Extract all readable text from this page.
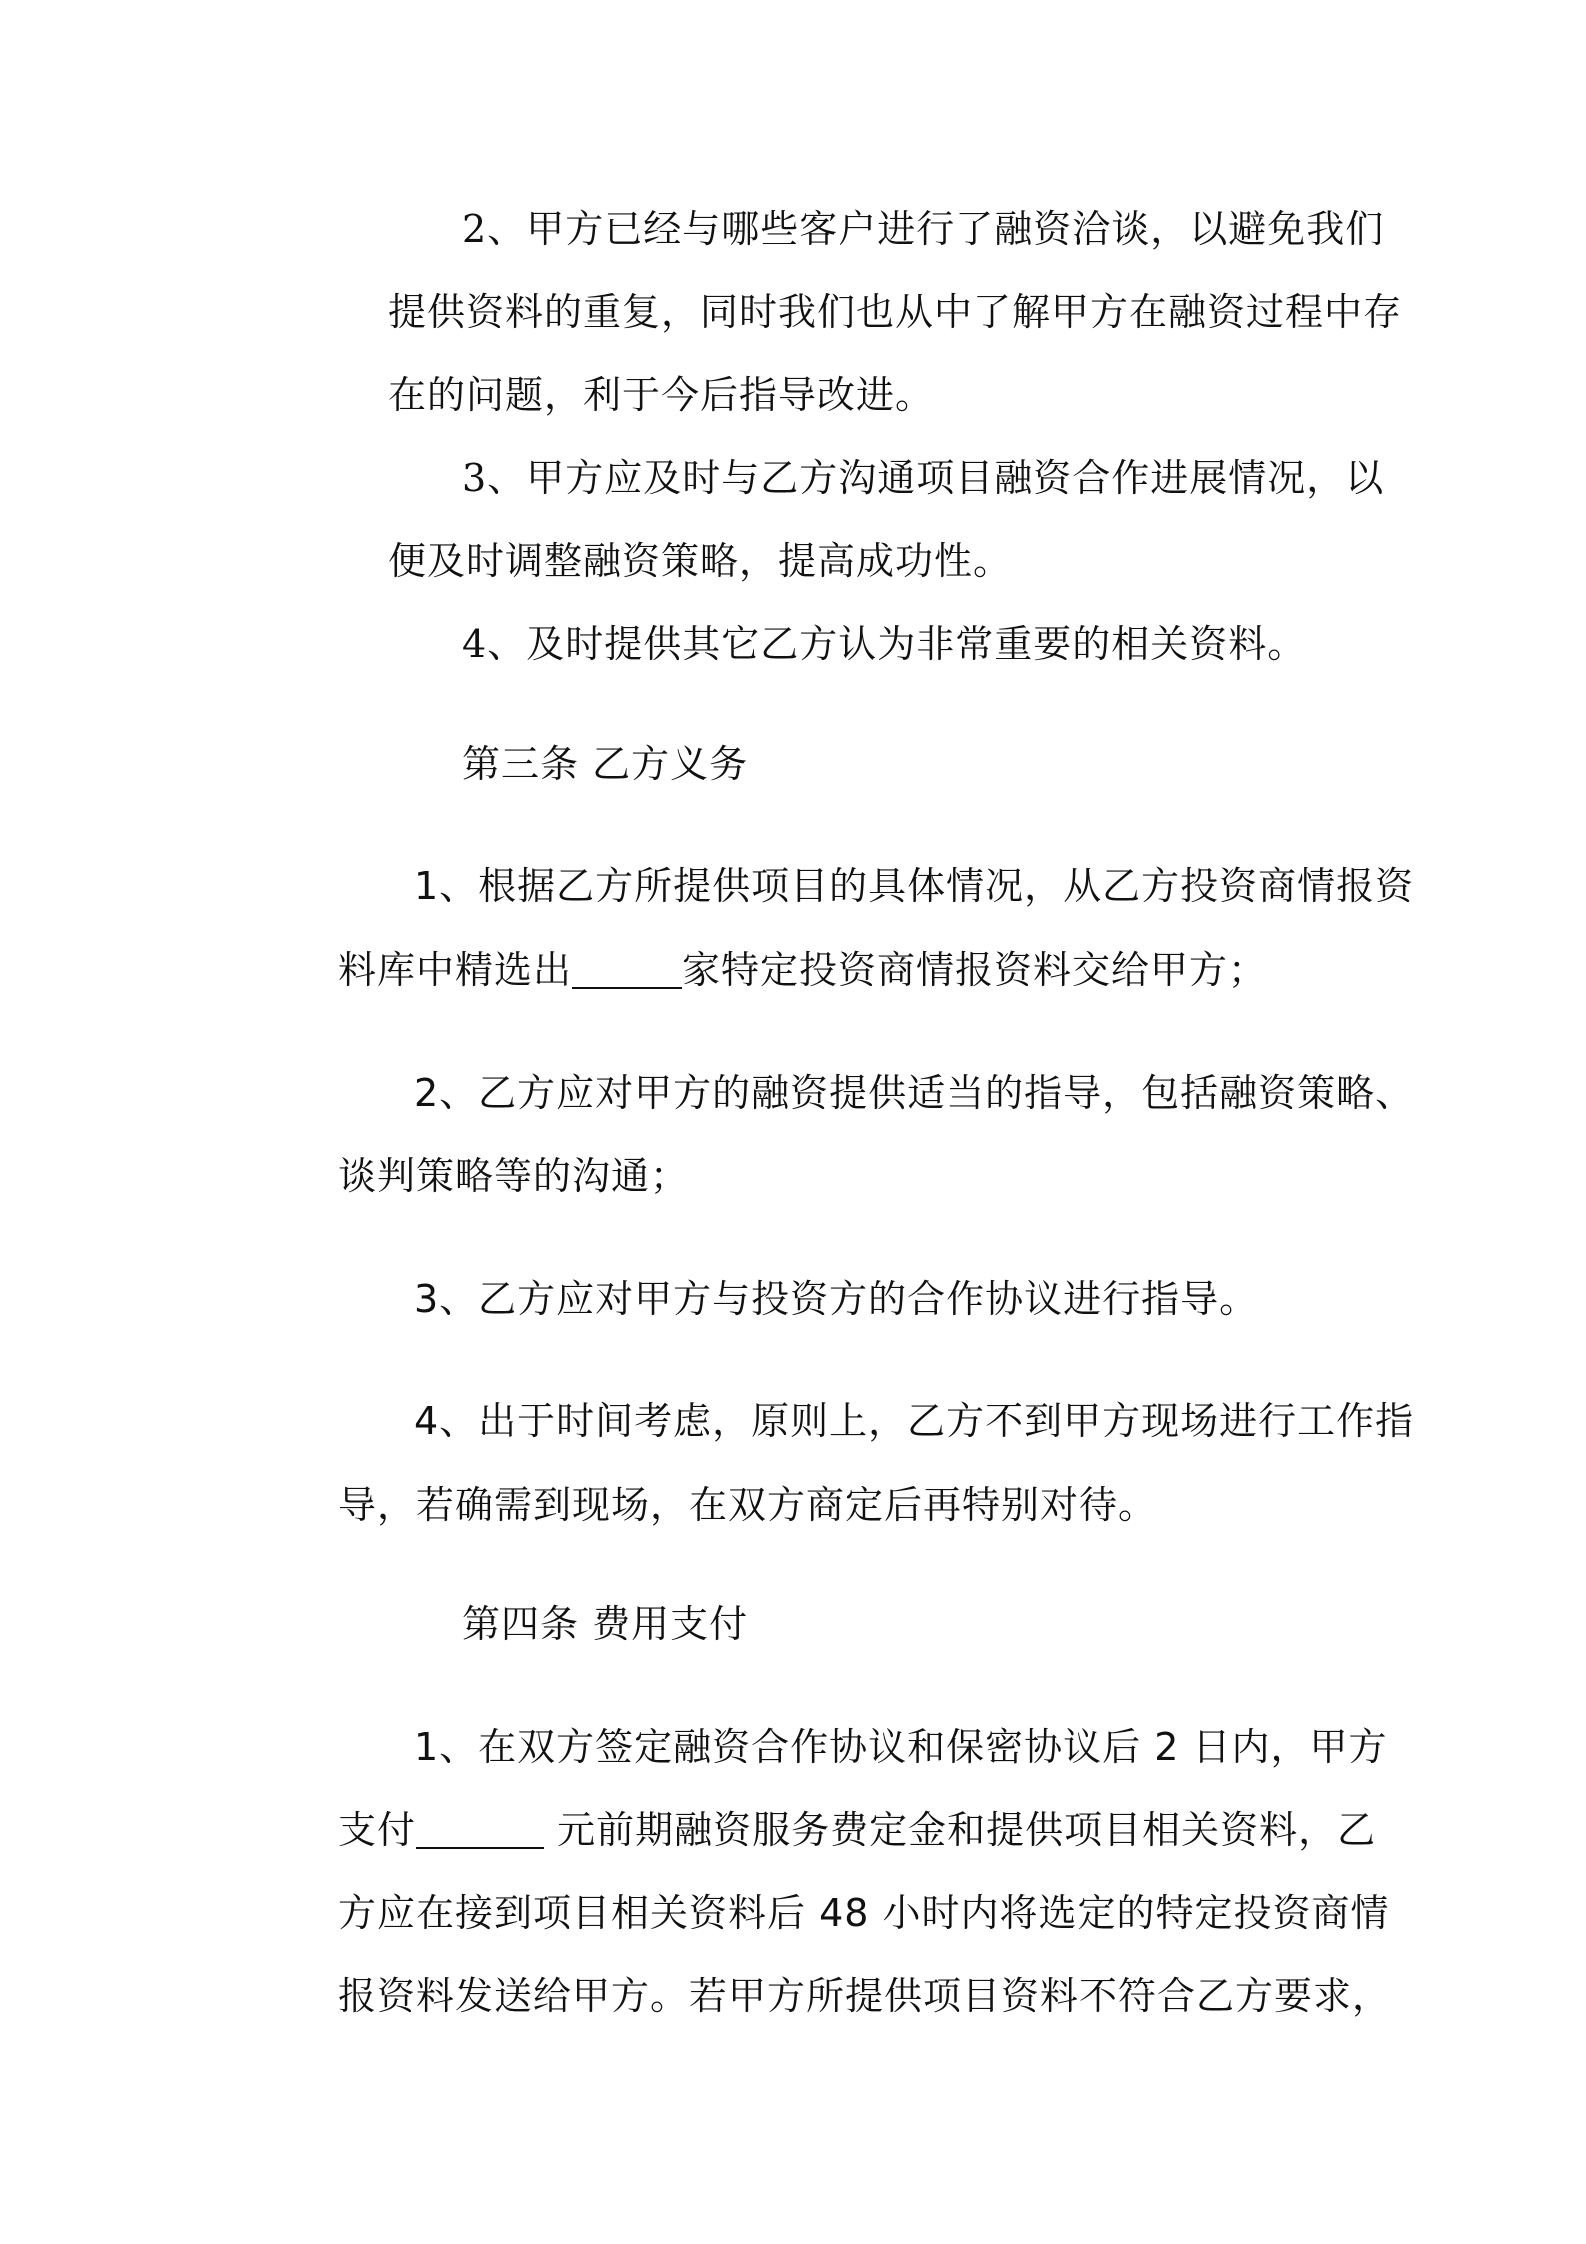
2、甲方已经与哪些客户进行了融资洽谈，以避免我们
提供资料的重复，同时我们也从中了解甲方在融资过程中存
在的问题，利于今后指导改进。
3、甲方应及时与乙方沟通项目融资合作进展情况，以
便及时调整融资策略，提高成功性。
4、及时提供其它乙方认为非常重要的相关资料。
第三条 乙方义务
1、根据乙方所提供项目的具体情况，从乙方投资商情报资
料库中精选出	家特定投资商情报资料交给甲方；
2、乙方应对甲方的融资提供适当的指导，包括融资策略、
谈判策略等的沟通；
3、乙方应对甲方与投资方的合作协议进行指导。
4、出于时间考虑，原则上，乙方不到甲方现场进行工作指
导，若确需到现场，在双方商定后再特别对待。
第四条 费用支付
1、在双方签定融资合作协议和保密协议后 2 日内，甲方
支付	元前期融资服务费定金和提供项目相关资料，乙
方应在接到项目相关资料后 48 小时内将选定的特定投资商情
报资料发送给甲方。若甲方所提供项目资料不符合乙方要求，
